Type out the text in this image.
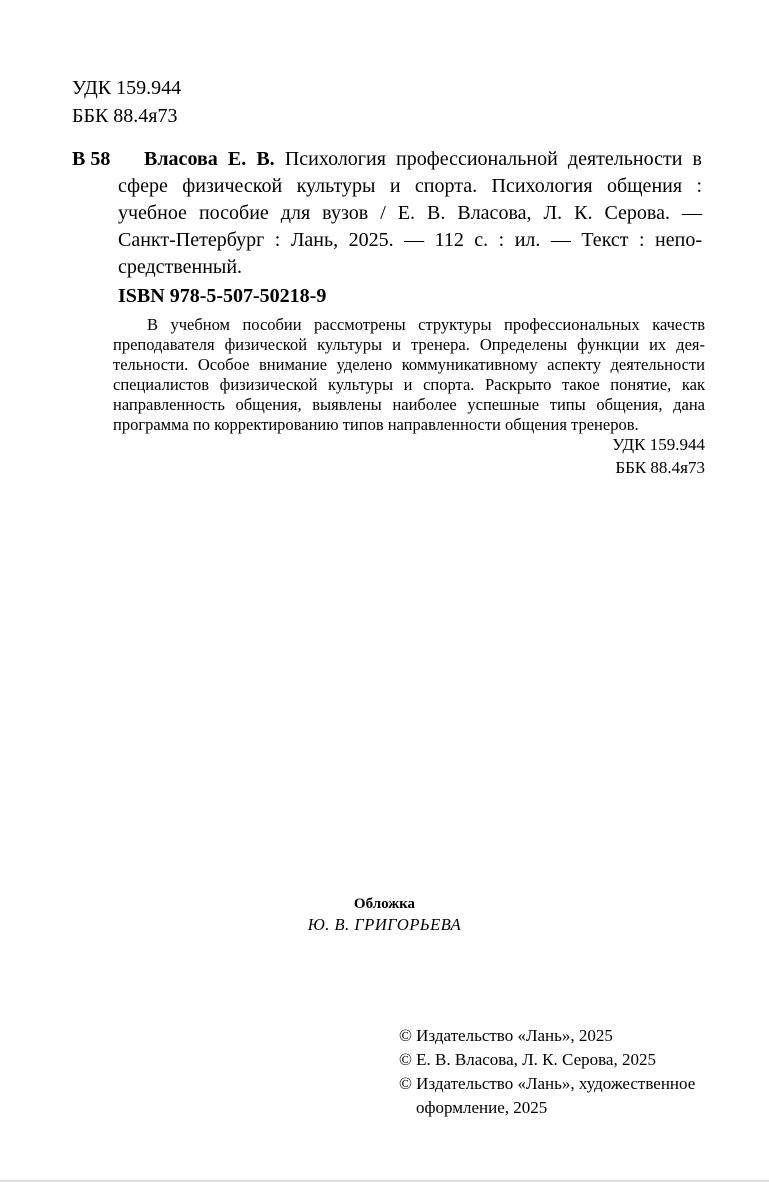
УДК 159.944
ББК 88.4я73
В 58	Власова Е. В. Психология профессиональной деятельности в
сфере физической культуры и спорта. Психология общения :
учебное пособие для вузов / Е. В. Власова, Л. К. Серова. —
Санкт-Петербург : Лань, 2025. — 112 с. : ил. — Текст : непо-
средственный.
ISBN 978-5-507-50218-9
В учебном пособии рассмотрены структуры профессиональных качеств
преподавателя физической культуры и тренера. Определены функции их дея-
тельности. Особое внимание уделено коммуникативному аспекту деятельности
специалистов физизической культуры и спорта. Раскрыто такое понятие, как
направленность общения, выявлены наиболее успешные типы общения, дана
программа по корректированию типов направленности общения тренеров.
УДК 159.944
ББК 88.4я73
Обложка
Ю. В. ГРИГОРЬЕВА
© Издательство «Лань», 2025
© Е. В. Власова, Л. К. Серова, 2025
© Издательство «Лань», художественное
оформление, 2025
